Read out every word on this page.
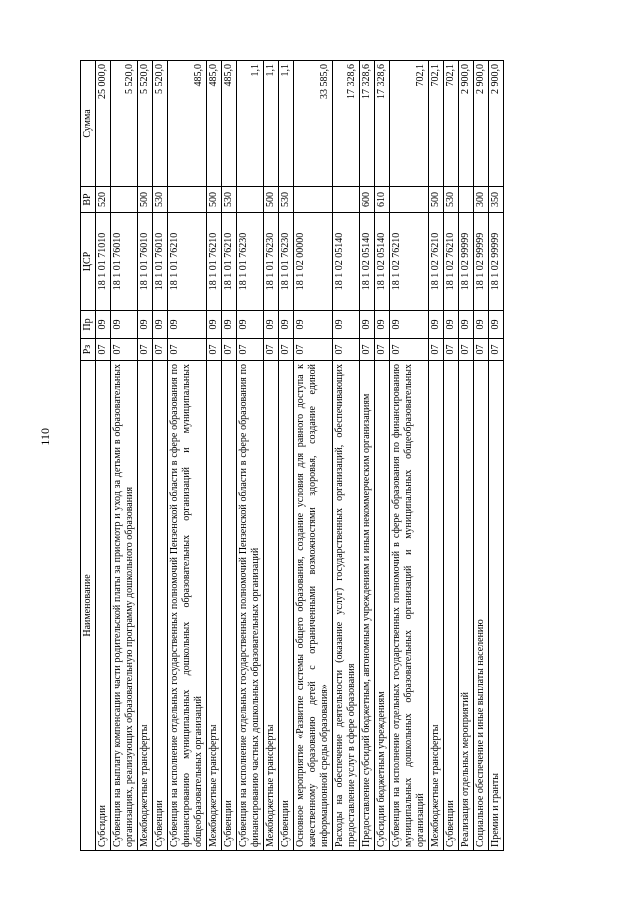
110
Наименование	Рз	Пр	ЦСР	ВР	Сумма
Субсидии	07	09	18 1 01 71010	520	25 000,0
Субвенция на выплату компенсации части родительской платы за присмотр и уход за детьми в образовательных организациях, реализующих образовательную программу дошкольного образования	07	09	18 1 01 76010		5 520,0
Межбюджетные трансферты	07	09	18 1 01 76010	500	5 520,0
Субвенции	07	09	18 1 01 76010	530	5 520,0
Субвенция на исполнение отдельных государственных полномочий Пензенской области в сфере образования по финансированию муниципальных дошкольных образовательных организаций и муниципальных общеобразовательных организаций	07	09	18 1 01 76210		485,0
Межбюджетные трансферты	07	09	18 1 01 76210	500	485,0
Субвенции	07	09	18 1 01 76210	530	485,0
Субвенция на исполнение отдельных государственных полномочий Пензенской области в сфере образования по финансированию частных дошкольных образовательных организаций	07	09	18 1 01 76230		1,1
Межбюджетные трансферты	07	09	18 1 01 76230	500	1,1
Субвенции	07	09	18 1 01 76230	530	1,1
Основное мероприятие «Развитие системы общего образования, создание условия для равного доступа к качественному образованию детей с ограниченными возможностями здоровья, создание единой информационной среды образования»	07	09	18 1 02 00000		33 585,0
Расходы на обеспечение деятельности (оказание услуг) государственных организаций, обеспечивающих предоставление услуг в сфере образования	07	09	18 1 02 05140		17 328,6
Предоставление субсидий бюджетным, автономным учреждениям и иным некоммерческим организациям	07	09	18 1 02 05140	600	17 328,6
Субсидии бюджетным учреждениям	07	09	18 1 02 05140	610	17 328,6
Субвенция на исполнение отдельных государственных полномочий в сфере образования по финансированию муниципальных дошкольных образовательных организаций и муниципальных общеобразовательных организаций	07	09	18 1 02 76210		702,1
Межбюджетные трансферты	07	09	18 1 02 76210	500	702,1
Субвенции	07	09	18 1 02 76210	530	702,1
Реализация отдельных мероприятий	07	09	18 1 02 99999		2 900,0
Социальное обеспечение и иные выплаты населению	07	09	18 1 02 99999	300	2 900,0
Премии и гранты	07	09	18 1 02 99999	350	2 900,0
